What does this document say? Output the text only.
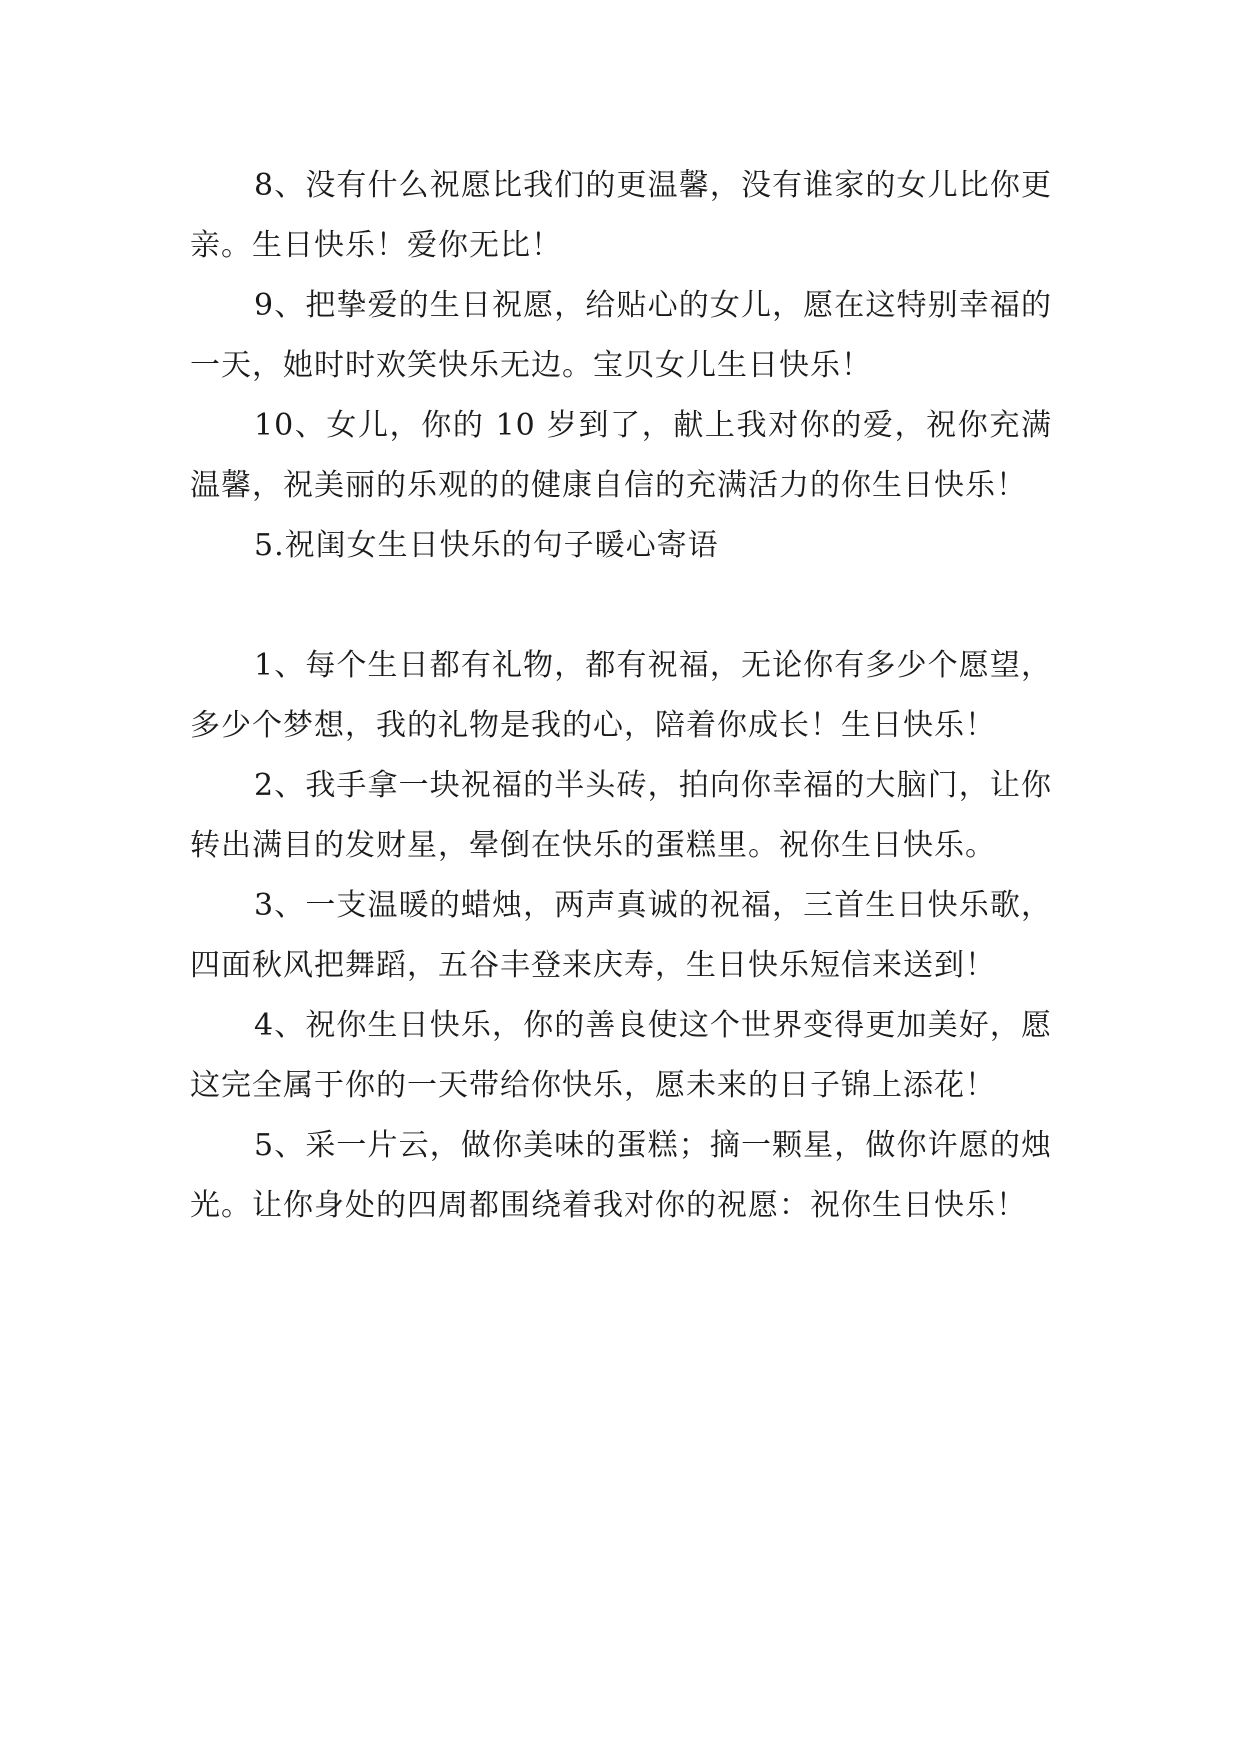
8、没有什么祝愿比我们的更温馨，没有谁家的女儿比你更亲。生日快乐！爱你无比！

9、把挚爱的生日祝愿，给贴心的女儿，愿在这特别幸福的一天，她时时欢笑快乐无边。宝贝女儿生日快乐！

10、女儿，你的 10 岁到了，献上我对你的爱，祝你充满温馨，祝美丽的乐观的的健康自信的充满活力的你生日快乐！

5.祝闺女生日快乐的句子暖心寄语

1、每个生日都有礼物，都有祝福，无论你有多少个愿望，多少个梦想，我的礼物是我的心，陪着你成长！生日快乐！

2、我手拿一块祝福的半头砖，拍向你幸福的大脑门，让你转出满目的发财星，晕倒在快乐的蛋糕里。祝你生日快乐。

3、一支温暖的蜡烛，两声真诚的祝福，三首生日快乐歌，四面秋风把舞蹈，五谷丰登来庆寿，生日快乐短信来送到！

4、祝你生日快乐，你的善良使这个世界变得更加美好，愿这完全属于你的一天带给你快乐，愿未来的日子锦上添花！

5、采一片云，做你美味的蛋糕；摘一颗星，做你许愿的烛光。让你身处的四周都围绕着我对你的祝愿：祝你生日快乐！
